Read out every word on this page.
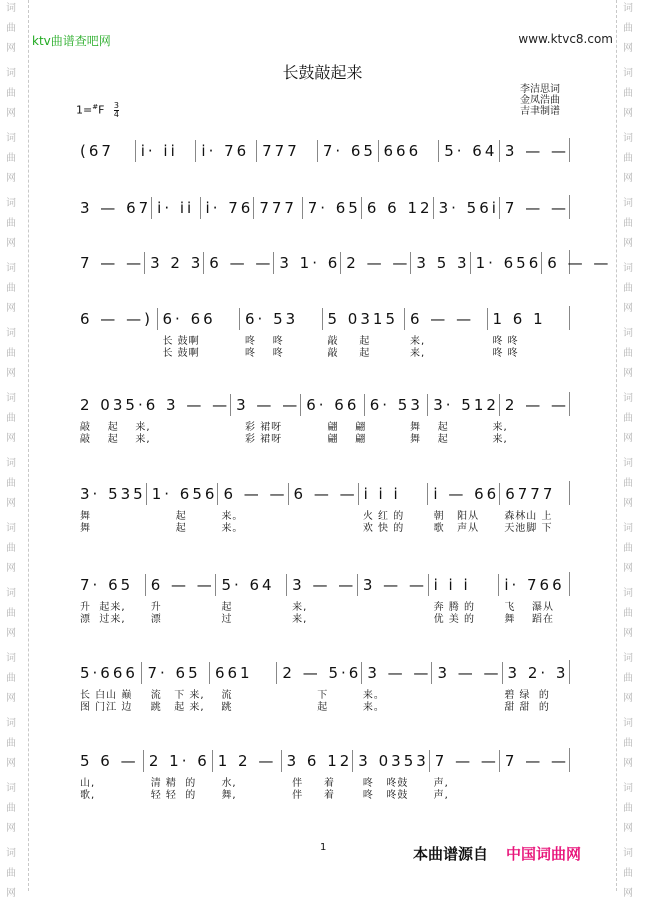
词
曲
网
词
曲
网
词
曲
网
词
曲
网
词
曲
网
词
曲
网
词
曲
网
词
曲
网
词
曲
网
词
曲
网
词
曲
网
词
曲
网
词
曲
网
词
曲
网
词
曲
网
词
曲
网
词
曲
网
词
曲
网
词
曲
网
词
曲
网
词
曲
网
词
曲
网
词
曲
网
词
曲
网
词
曲
网
词
曲
网
词
曲
网
词
曲
网
ktv曲谱查吧网	www.ktvc8.com
长鼓敲起来
李洁思词
金凤浩曲
吉聿制谱
$1=^{\#}F \frac{3}{4}$
(67	i· ii	i· 76 777	7· 65 666	5· 64 3 — —
3 — 67 i· ii i· 76 777 7· 65 6 6 12 3· 56i 7 — —
7 — — 3 2 3 6 — — 3 1· 6 2 — — 3 5 3 1· 656 6 — —
6 — —) 6· 66	6· 53	5 0315 6 — —	1 6 1
长 鼓啊	咚    咚	敲     起	来,	咚 咚
长 鼓啊	咚    咚	敲     起	来,	咚 咚
2 035·6 3 — — 3 — — 6· 66 6· 53 3· 512 2 — —
敲    起    来,	彩 裙呀	翩    翩	舞    起	来,
敲    起    来,	彩 裙呀	翩    翩	舞    起	来,
3· 535 1· 656 6 — — 6 — — i i i	i — 66 6777
舞	起	来。	火 红 的	朝   阳从	森林山 上
舞	起	来。	欢 快 的	歌   声从	天池脚 下
7· 65	6 — — 5· 64	3 — — 3 — — i i i	i· 766
升  起来,	升	起	来,	奔 腾 的	飞    瀑从
漂  过来,	漂	过	来,	优 美 的	舞    蹈在
5·666 7· 65 661	2 — 5·6 3 — — 3 — — 3 2· 3
长 白山 巅	流   下 来,	流	下	来。	碧 绿  的
图 门江 边	跳   起 来,	跳	起	来。	甜 甜  的
5 6 — 2 1· 6 1 2 — 3 6 12 3 0353 7 — — 7 — —
山,	清 精  的	水,	伴     着	咚   咚鼓	声,
歌,	轻 轻  的	舞,	伴     着	咚   咚鼓	声,
1	本曲谱源自 中国词曲网
